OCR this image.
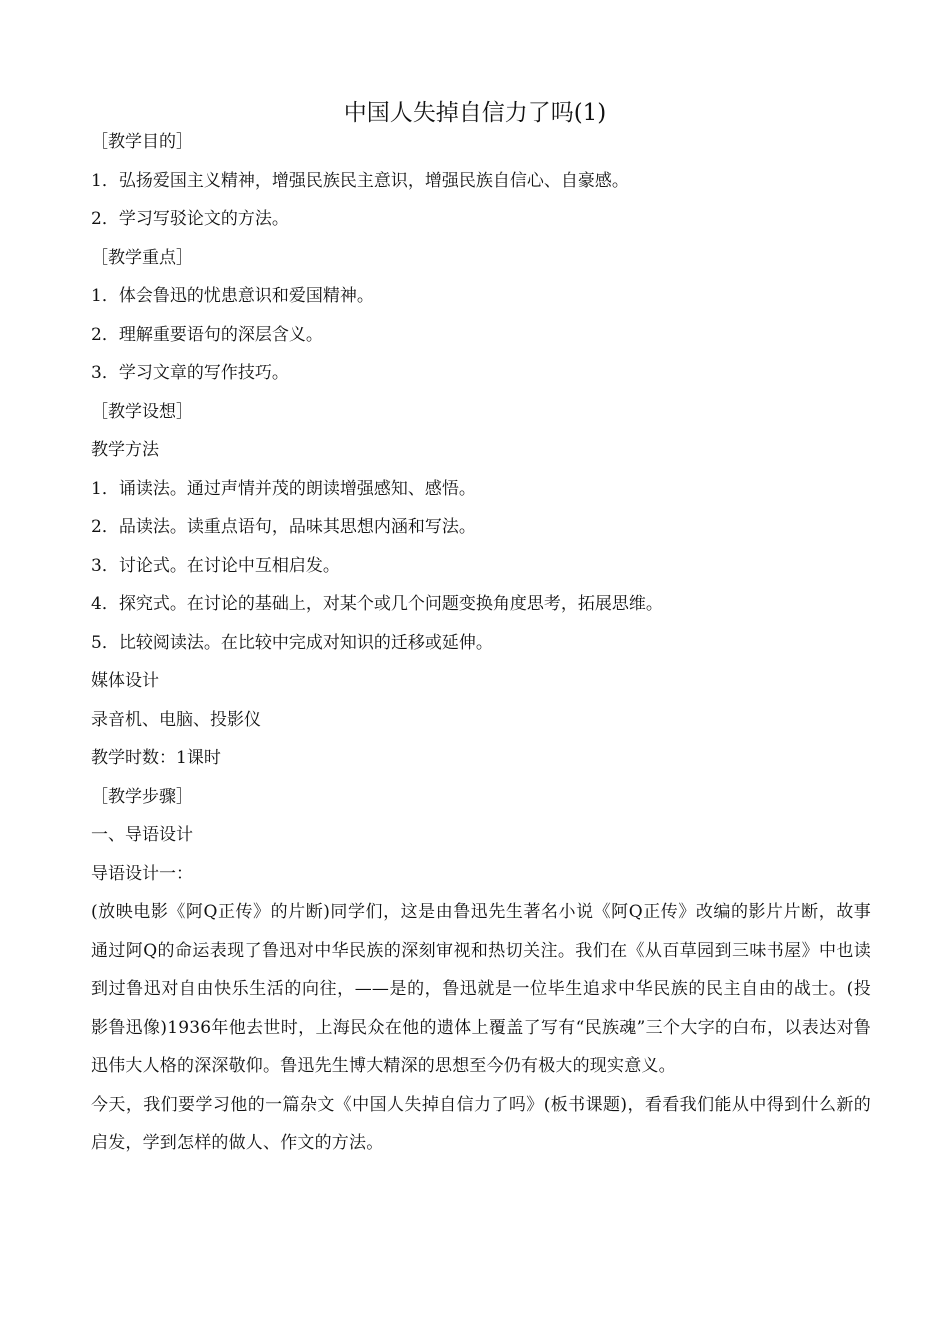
中国人失掉自信力了吗(1)
［教学目的］
1．弘扬爱国主义精神，增强民族民主意识，增强民族自信心、自豪感。
2．学习写驳论文的方法。
［教学重点］
1．体会鲁迅的忧患意识和爱国精神。
2．理解重要语句的深层含义。
3．学习文章的写作技巧。
［教学设想］
教学方法
1．诵读法。通过声情并茂的朗读增强感知、感悟。
2．品读法。读重点语句，品味其思想内涵和写法。
3．讨论式。在讨论中互相启发。
4．探究式。在讨论的基础上，对某个或几个问题变换角度思考，拓展思维。
5．比较阅读法。在比较中完成对知识的迁移或延伸。
媒体设计
录音机、电脑、投影仪
教学时数：1课时
［教学步骤］
一、导语设计
导语设计一：
(放映电影《阿Q正传》的片断)同学们，这是由鲁迅先生著名小说《阿Q正传》改编的影片片断，故事通过阿Q的命运表现了鲁迅对中华民族的深刻审视和热切关注。我们在《从百草园到三味书屋》中也读到过鲁迅对自由快乐生活的向往，——是的，鲁迅就是一位毕生追求中华民族的民主自由的战士。(投影鲁迅像)1936年他去世时，上海民众在他的遗体上覆盖了写有“民族魂”三个大字的白布，以表达对鲁迅伟大人格的深深敬仰。鲁迅先生博大精深的思想至今仍有极大的现实意义。
今天，我们要学习他的一篇杂文《中国人失掉自信力了吗》(板书课题)，看看我们能从中得到什么新的启发，学到怎样的做人、作文的方法。
